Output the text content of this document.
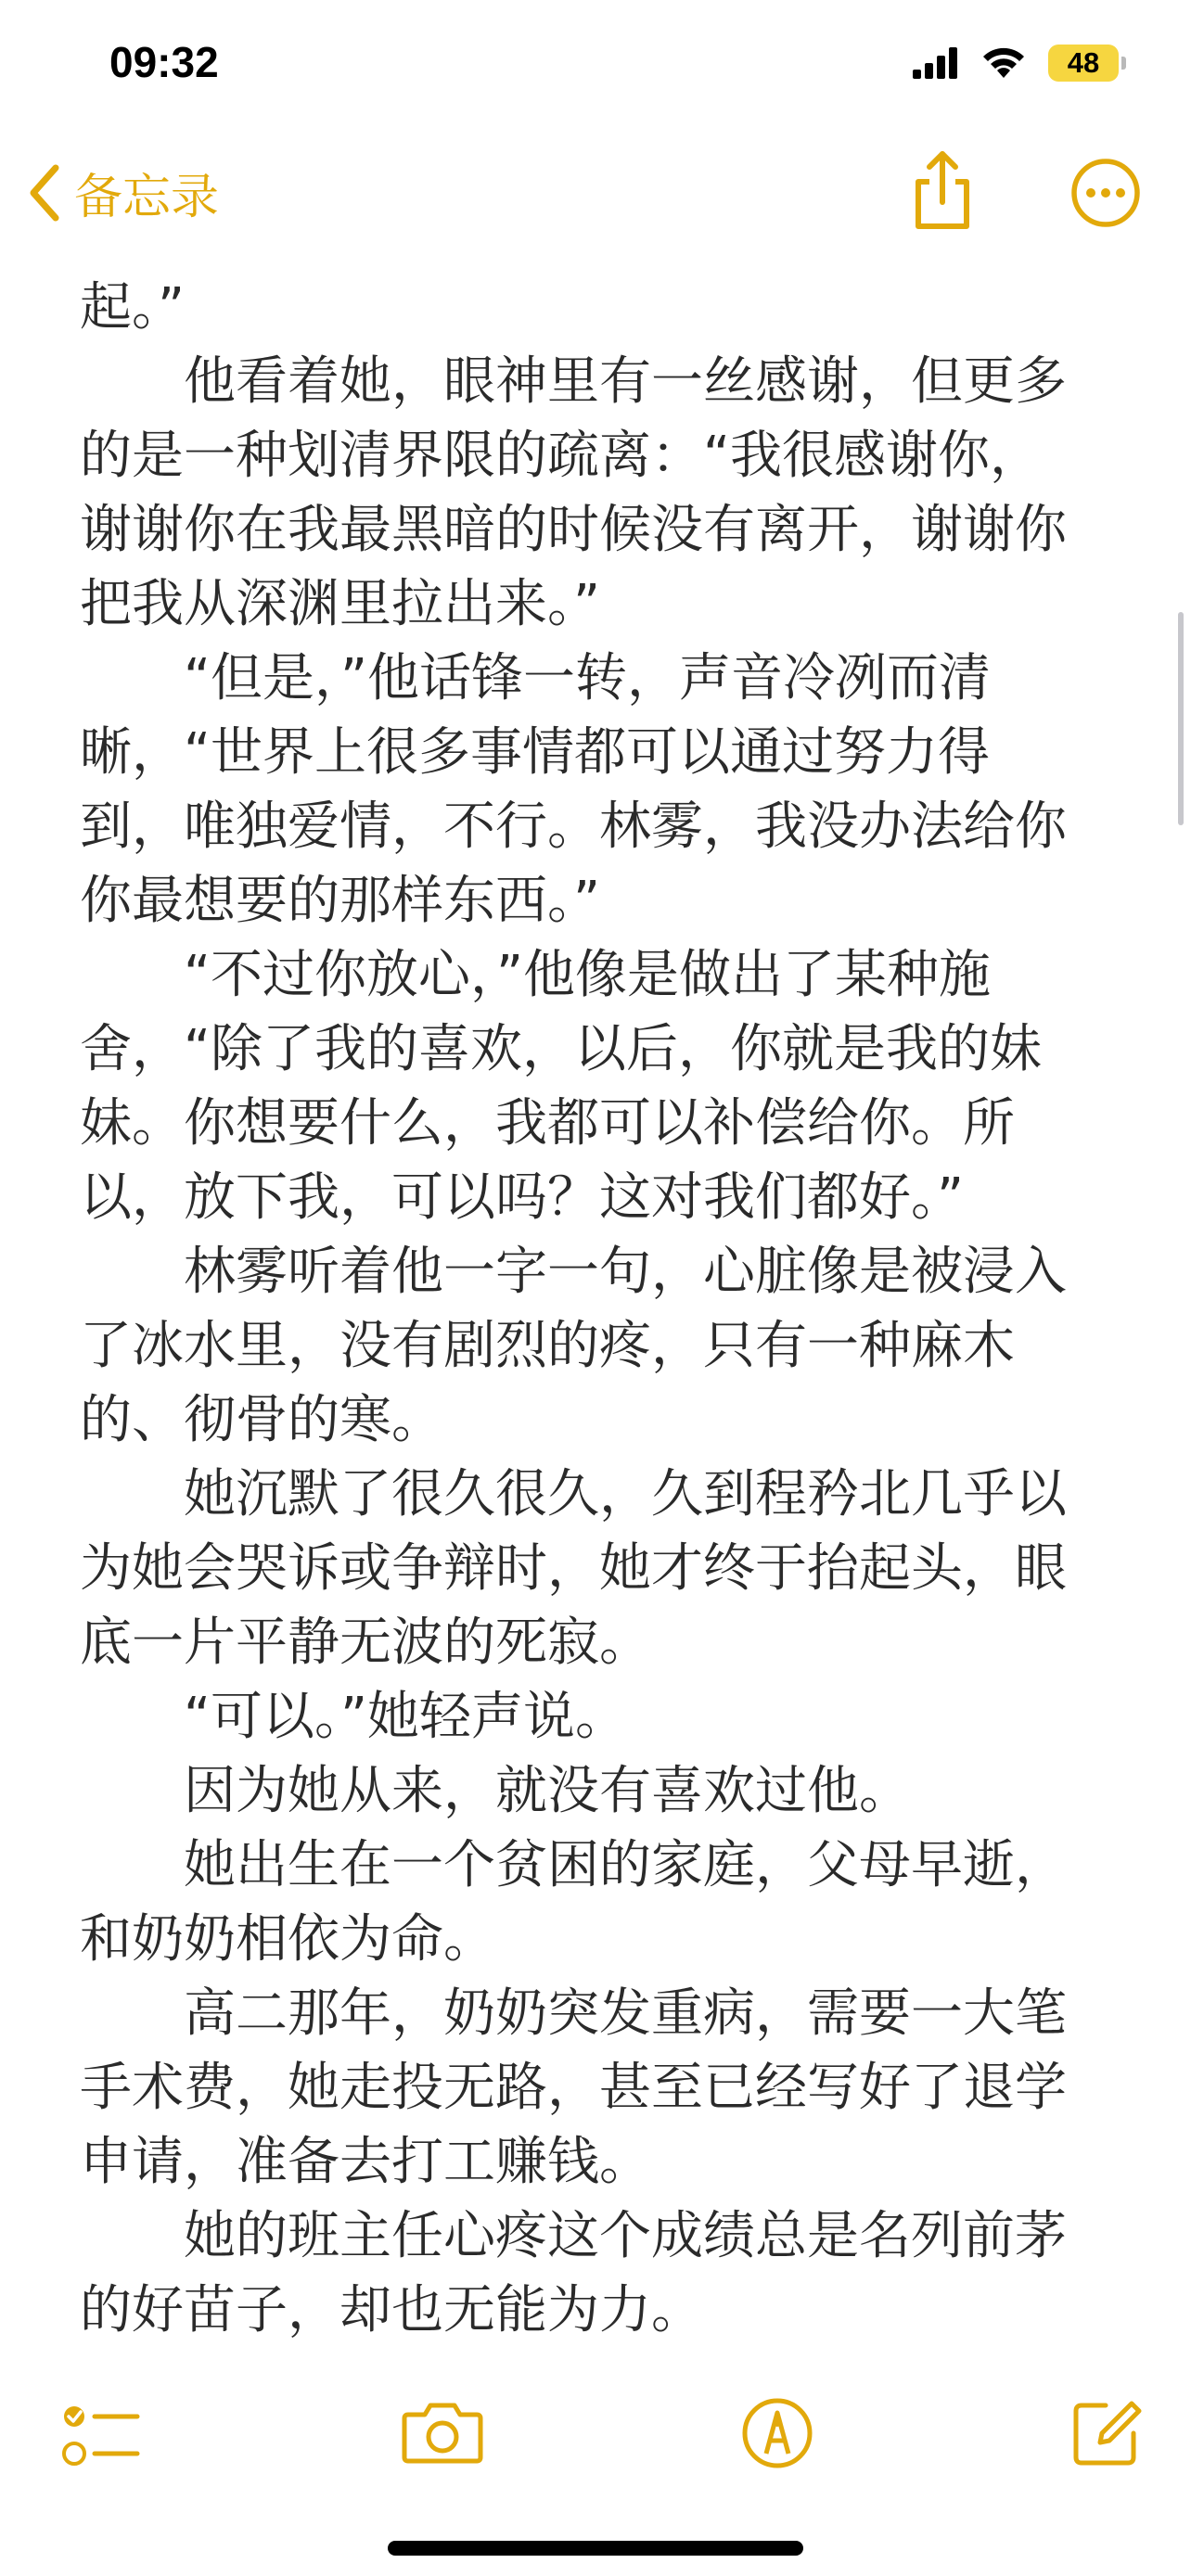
起。”
　　他看着她，眼神里有一丝感谢，但更多
的是一种划清界限的疏离：“我很感谢你，
谢谢你在我最黑暗的时候没有离开，谢谢你
把我从深渊里拉出来。”
　　“但是，”他话锋一转，声音冷冽而清
晰，“世界上很多事情都可以通过努力得
到，唯独爱情，不行。林雾，我没办法给你
你最想要的那样东西。”
　　“不过你放心，”他像是做出了某种施
舍，“除了我的喜欢，以后，你就是我的妹
妹。你想要什么，我都可以补偿给你。所
以，放下我，可以吗？这对我们都好。”
　　林雾听着他一字一句，心脏像是被浸入
了冰水里，没有剧烈的疼，只有一种麻木
的、彻骨的寒。
　　她沉默了很久很久，久到程矜北几乎以
为她会哭诉或争辩时，她才终于抬起头，眼
底一片平静无波的死寂。
　　“可以。”她轻声说。
　　因为她从来，就没有喜欢过他。
　　她出生在一个贫困的家庭，父母早逝，
和奶奶相依为命。
　　高二那年，奶奶突发重病，需要一大笔
手术费，她走投无路，甚至已经写好了退学
申请，准备去打工赚钱。
　　她的班主任心疼这个成绩总是名列前茅
的好苗子，却也无能为力。
09:32	48
备忘录
